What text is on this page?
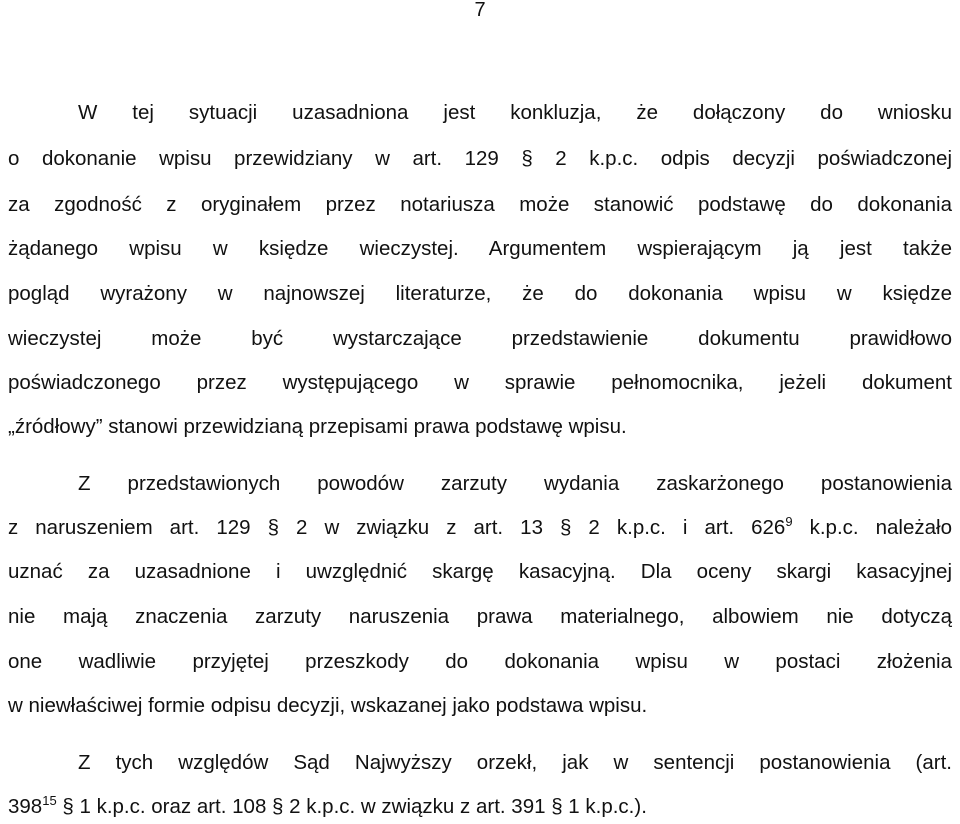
7
W tej sytuacji uzasadniona jest konkluzja, że dołączony do wniosku
o dokonanie wpisu przewidziany w art. 129 § 2 k.p.c. odpis decyzji poświadczonej
za zgodność z oryginałem przez notariusza może stanowić podstawę do dokonania
żądanego wpisu w księdze wieczystej. Argumentem wspierającym ją jest także
pogląd wyrażony w najnowszej literaturze, że do dokonania wpisu w księdze
wieczystej może być wystarczające przedstawienie dokumentu prawidłowo
poświadczonego przez występującego w sprawie pełnomocnika, jeżeli dokument
„źródłowy” stanowi przewidzianą przepisami prawa podstawę wpisu.
Z przedstawionych powodów zarzuty wydania zaskarżonego postanowienia
z naruszeniem art. 129 § 2 w związku z art. 13 § 2 k.p.c. i art. $626^9$ k.p.c. należało
uznać za uzasadnione i uwzględnić skargę kasacyjną. Dla oceny skargi kasacyjnej
nie mają znaczenia zarzuty naruszenia prawa materialnego, albowiem nie dotyczą
one wadliwie przyjętej przeszkody do dokonania wpisu w postaci złożenia
w niewłaściwej formie odpisu decyzji, wskazanej jako podstawa wpisu.
Z tych względów Sąd Najwyższy orzekł, jak w sentencji postanowienia (art.
$398^{15}$ § 1 k.p.c. oraz art. 108 § 2 k.p.c. w związku z art. 391 § 1 k.p.c.).
